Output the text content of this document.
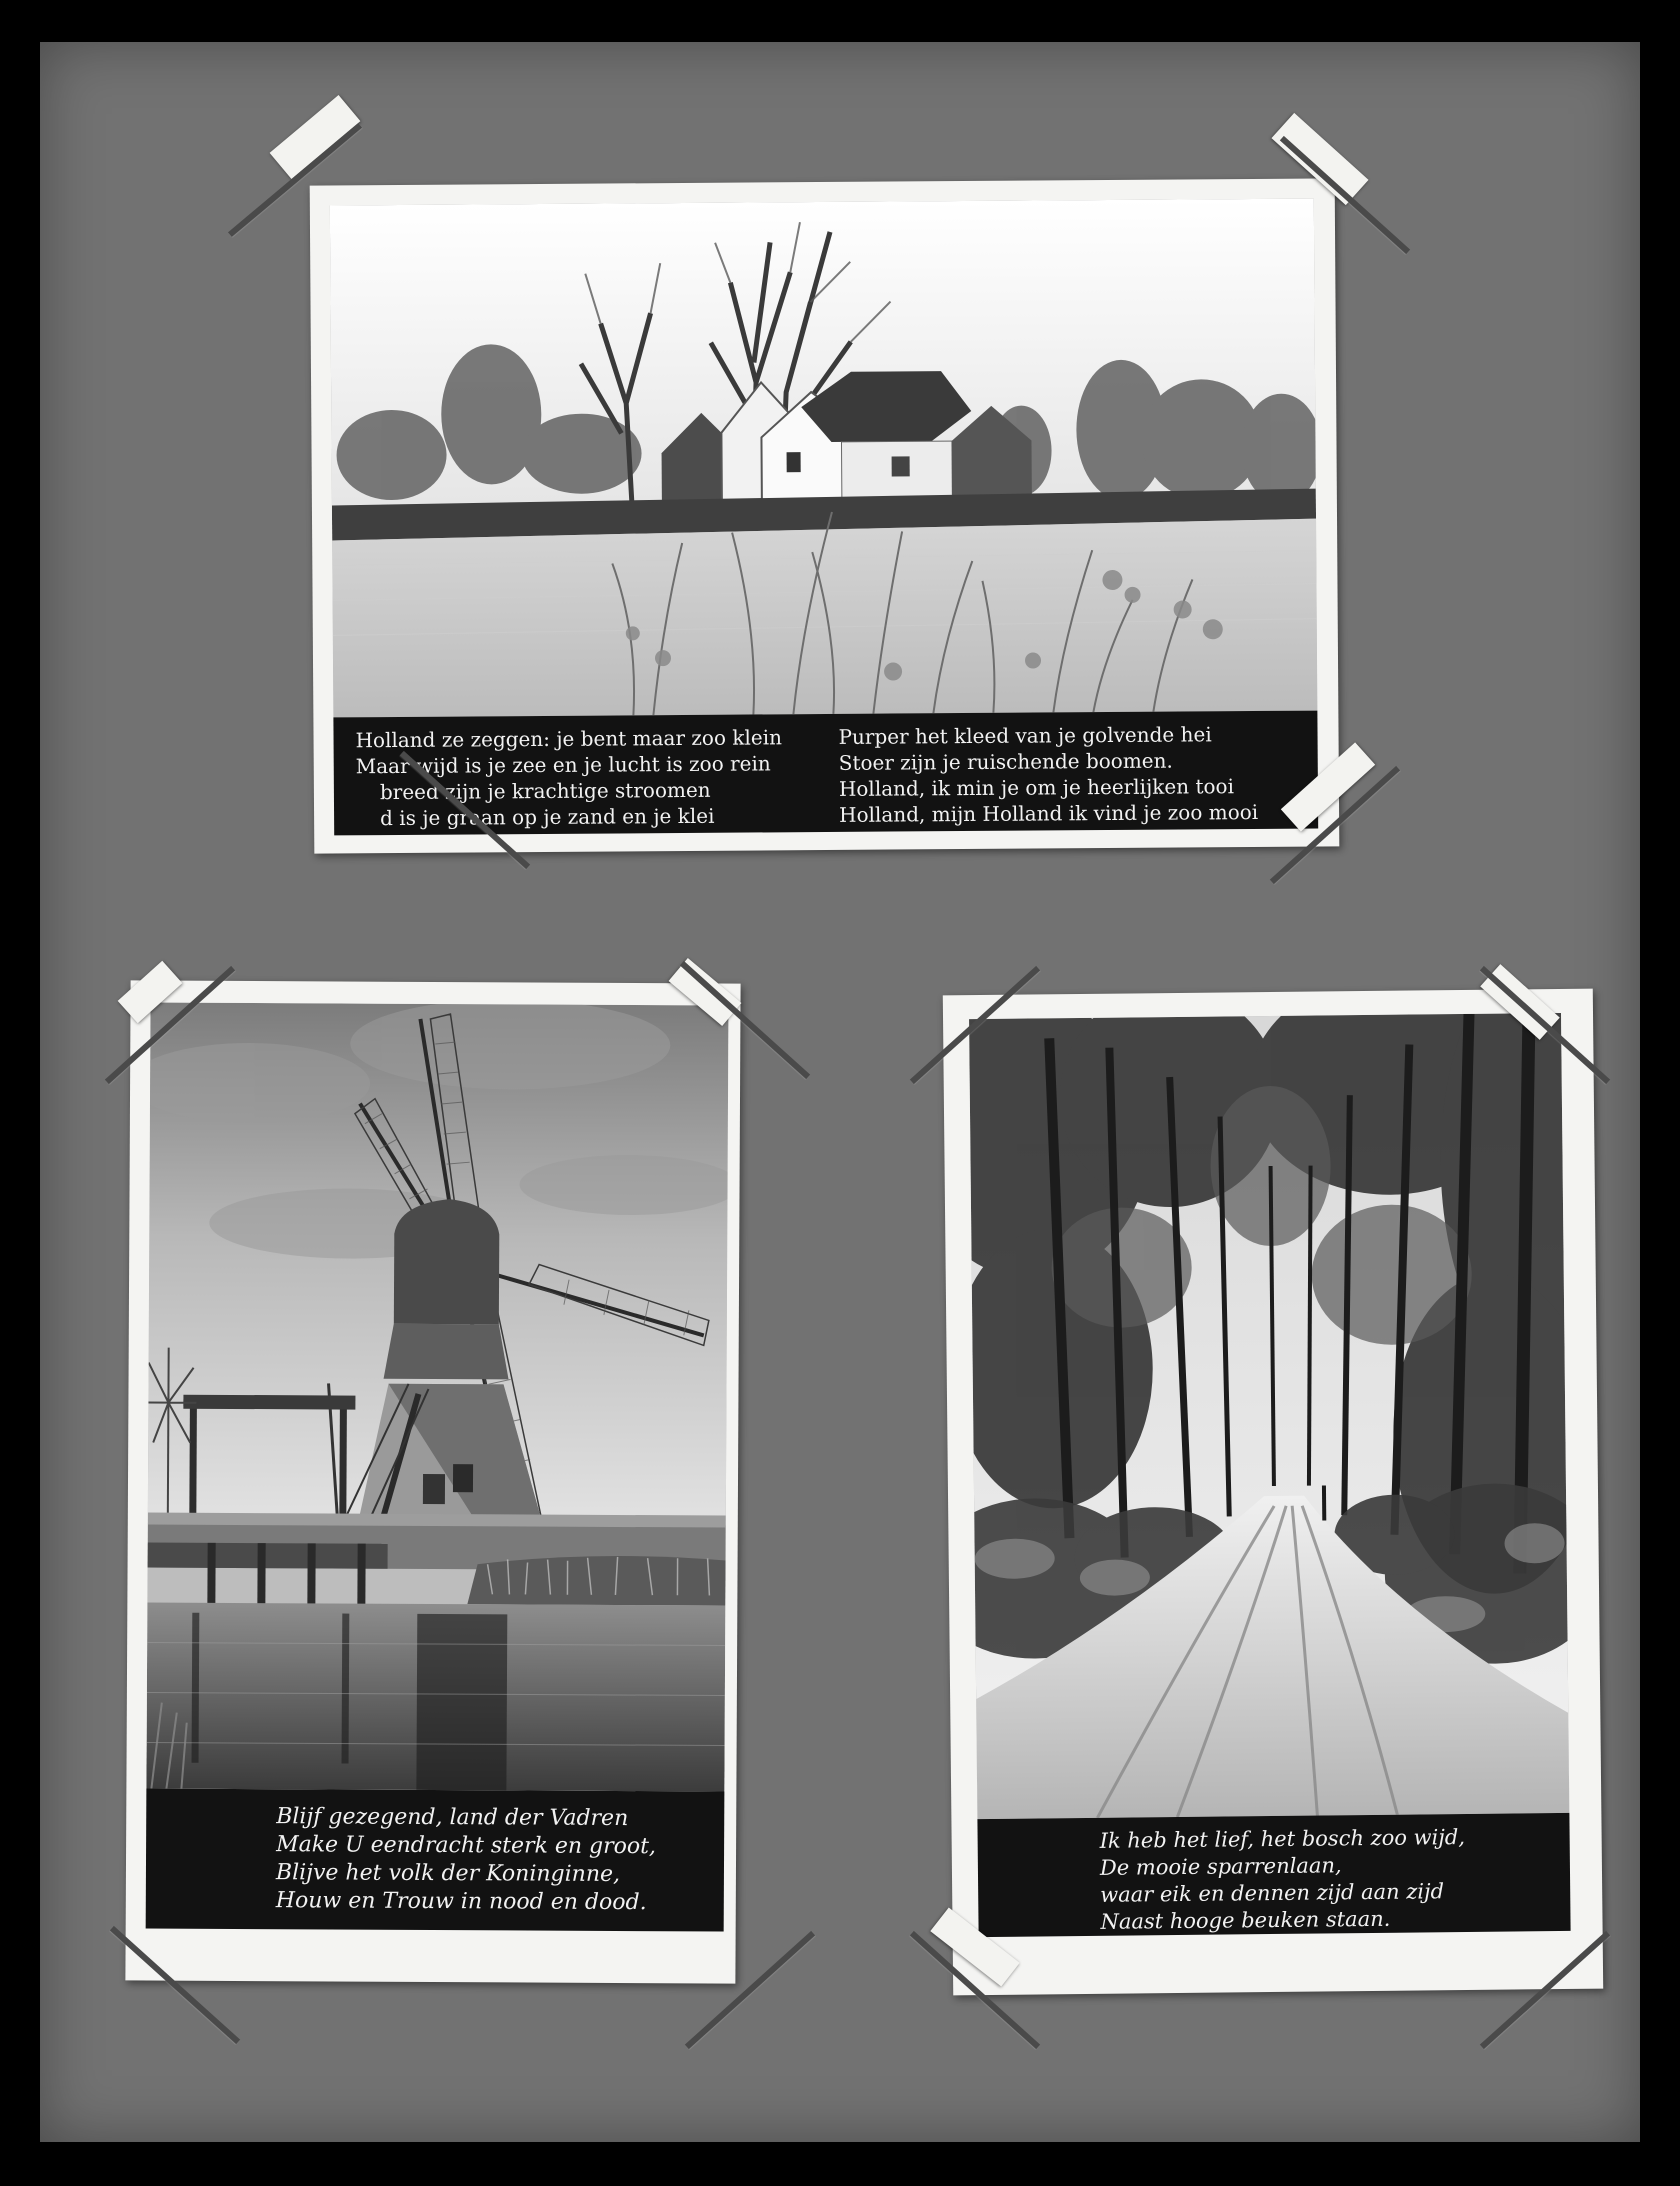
Holland ze zeggen: je bent maar zoo klein
Maar wijd is je zee en je lucht is zoo rein
breed zijn je krachtige stroomen
d is je graan op je zand en je klei
Purper het kleed van je golvende hei
Stoer zijn je ruischende boomen.
Holland, ik min je om je heerlijken tooi
Holland, mijn Holland ik vind je zoo mooi
Blijf gezegend, land der Vadren
Make U eendracht sterk en groot,
Blijve het volk der Koninginne,
Houw en Trouw in nood en dood.
Ik heb het lief, het bosch zoo wijd,
De mooie sparrenlaan,
waar eik en dennen zijd aan zijd
Naast hooge beuken staan.
